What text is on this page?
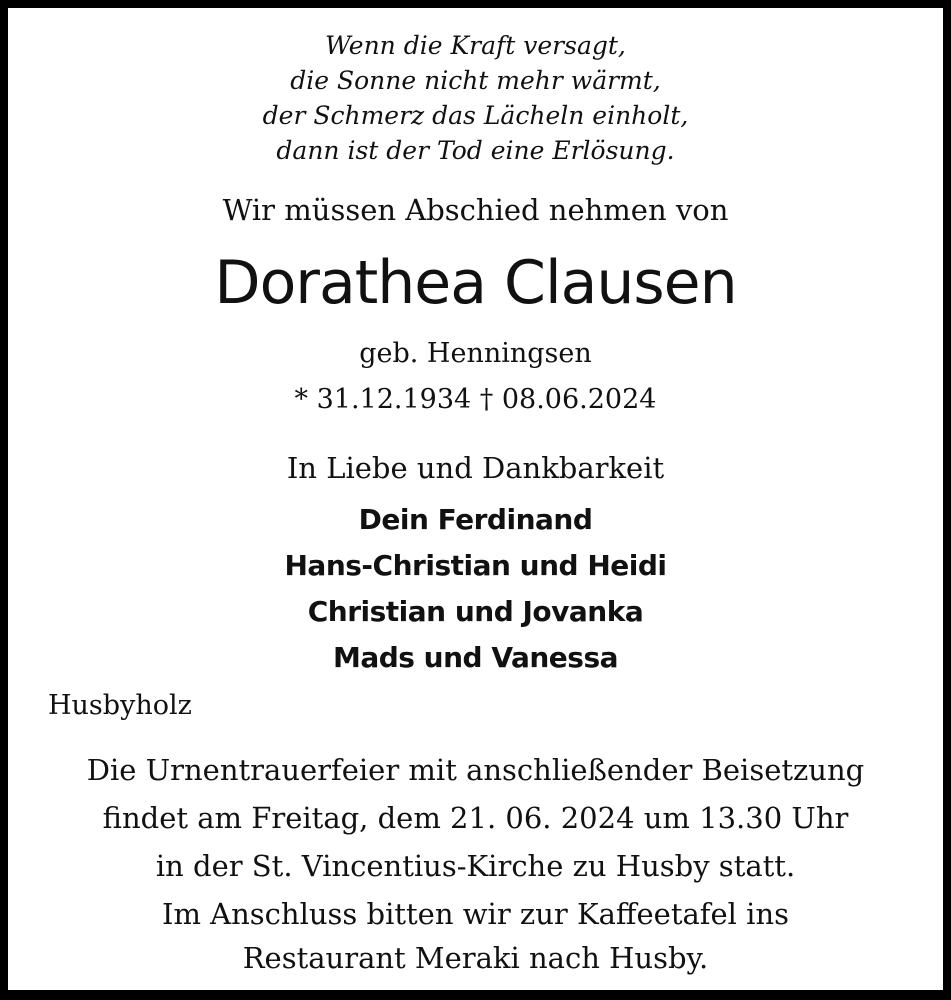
Wenn die Kraft versagt,
die Sonne nicht mehr wärmt,
der Schmerz das Lächeln einholt,
dann ist der Tod eine Erlösung.
Wir müssen Abschied nehmen von
Dorathea Clausen
geb. Henningsen
* 31.12.1934 † 08.06.2024
In Liebe und Dankbarkeit
Dein Ferdinand
Hans-Christian und Heidi
Christian und Jovanka
Mads und Vanessa
Husbyholz
Die Urnentrauerfeier mit anschließender Beisetzung
findet am Freitag, dem 21. 06. 2024 um 13.30 Uhr
in der St. Vincentius-Kirche zu Husby statt.
Im Anschluss bitten wir zur Kaffeetafel ins
Restaurant Meraki nach Husby.
